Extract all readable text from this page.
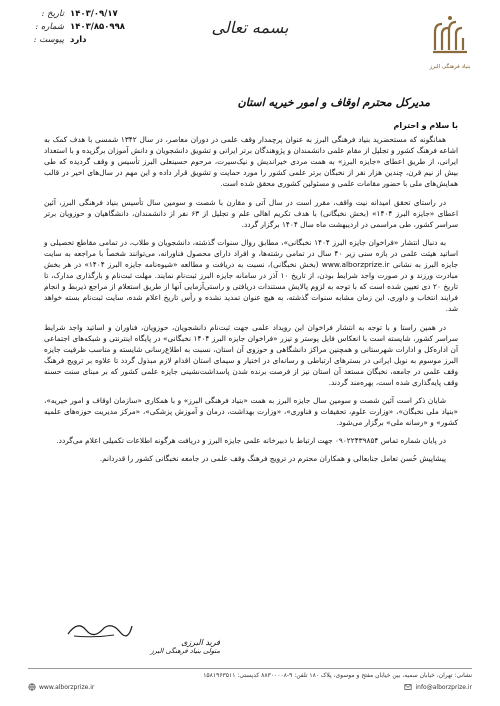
۱۴۰۳/۰۹/۱۷
تاریخ :
۱۴۰۳/۸۵۰۹۹۸
شماره :
دارد
پیوست :
بسمه تعالی
بنیاد فرهنگی البرز
مدیرکل محترم اوقاف و امور خیریه استان

با سلام و احترام

همانگونه که مستحضرید بنیاد فرهنگی البرز به عنوان پرچمدار وقف علمی در دوران معاصر، در سال ۱۳۴۲ شمسی با هدف کمک به اشاعه فرهنگ کشور و تجلیل از مقام علمی دانشمندان و پژوهندگان برتر ایرانی و تشویق دانشجویان و دانش آموزان برگزیده و با استعداد ایرانی، از طریق اعطای «جایزه البرز» به همت مردی خیراندیش و نیک‌سیرت، مرحوم حسینعلی البرز تأسیس و وقف گردیده که طی بیش از نیم قرن، چندین هزار نفر از نخبگان برتر علمی کشور را مورد حمایت و تشویق قرار داده و این مهم در سال‌های اخیر در قالب همایش‌های ملی با حضور مقامات علمی و مسئولین کشوری محقق شده است.

در راستای تحقق امیدانه نیت واقف، مقرر است در سال آتی و مقارن با شصت و سومین سال تأسیس بنیاد فرهنگی البرز، آئین اعطای «جایزه البرز ۱۴۰۴» (بخش نخبگانی) با هدف تکریم اهالی علم و تجلیل از ۶۳ نفر از دانشمندان، دانشگاهیان و حوزویان برتر سراسر کشور، طی مراسمی در اردیبهشت ماه سال ۱۴۰۴ برگزار گردد.

به دنبال انتشار «فراخوان جایزه البرز ۱۴۰۴ نخبگانی»، مطابق روال سنوات گذشته، دانشجویان و طلاب، در تمامی مقاطع تحصیلی و اساتید هیئت علمی در بازه سنی زیر ۴۰ سال در تمامی رشته‌ها، و افراد دارای محصول فناورانه، می‌توانند شخصاً با مراجعه به سایت جایزه البرز به نشانی www.alborzprize.ir (بخش نخبگانی)، نسبت به دریافت و مطالعه «شیوه‌نامه جایزه البرز ۱۴۰۴» در هر بخش مبادرت ورزند و در صورت واجد شرایط بودن، از تاریخ ۱۰ آذر در سامانه جایزه البرز ثبت‌نام نمایند. مهلت ثبت‌نام و بارگذاری مدارک، تا تاریخ ۲۰ دی تعیین شده است که با توجه به لزوم پالایش مستندات دریافتی و راستی‌آزمایی آنها از طریق استعلام از مراجع ذیربط و انجام فرایند انتخاب و داوری، این زمان مشابه سنوات گذشته، به هیچ عنوان تمدید نشده و رأس تاریخ اعلام شده، سایت ثبت‌نام بسته خواهد شد.

در همین راستا و با توجه به انتشار فراخوان این رویداد علمی جهت ثبت‌نام دانشجویان، حوزویان، فناوران و اساتید واجد شرایط سراسر کشور، شایسته است با انعکاس فایل پوستر و تیزر «فراخوان جایزه البرز ۱۴۰۴ نخبگانی» در پایگاه اینترنتی و شبکه‌های اجتماعی آن اداره‌کل و ادارات شهرستانی و همچنین مراکز دانشگاهی و حوزوی آن استان، نسبت به اطلاع‌رسانی شایسته و مناسب ظرفیت جایزه البرز موسوم به نوبل ایرانی در بسترهای ارتباطی و رسانه‌ای در اختیار و سیمای استان اقدام لازم مبذول گردد تا علاوه بر ترویج فرهنگ وقف علمی در جامعه، نخبگان مستعد آن استان نیز از فرصت برنده شدن پاسداشت‌نشینی جایزه علمی کشور که بر مبنای سنت حسنه وقف پایه‌گذاری شده است، بهره‌مند گردند.

شایان ذکر است آئین شصت و سومین سال جایزه البرز به همت «بنیاد فرهنگی البرز» و با همکاری «سازمان اوقاف و امور خیریه»، «بنیاد ملی نخبگان»، «وزارت علوم، تحقیقات و فناوری»، «وزارت بهداشت، درمان و آموزش پزشکی»، «مرکز مدیریت حوزه‌های علمیه کشور» و «رسانه ملی» برگزار می‌شود.

در پایان شماره تماس ۰۹۰۲۲۴۳۹۸۵۴ جهت ارتباط با دبیرخانه علمی جایزه البرز و دریافت هرگونه اطلاعات تکمیلی اعلام می‌گردد.

پیشاپیش حُسن تعامل جنابعالی و همکاران محترم در ترویج فرهنگ وقف علمی در جامعه نخبگانی کشور را قدردانم.

فرید البرزی
متولی بنیاد فرهنگی البرز
نشانی: تهران، خیابان سمیه، بین خیابان مفتح و موسوی، پلاک ۱۸۰ تلفن: ۹-۸۸۳۰۰۰۰۸ کدپستی: ۱۵۸۱۹۶۳۵۱۱
www.alborzprize.ir	info@alborzprize.ir
